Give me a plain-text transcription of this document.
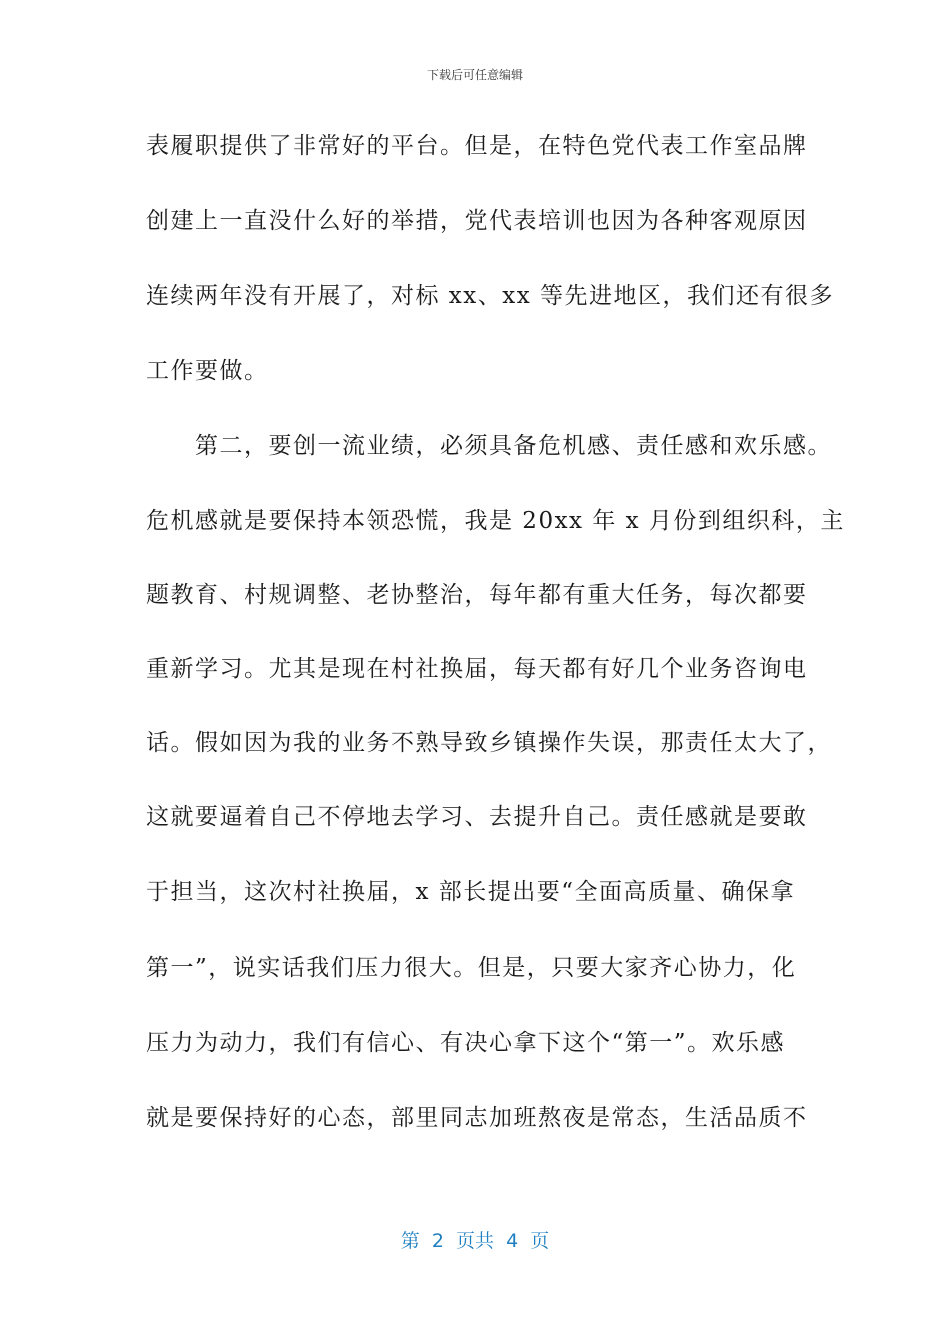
下载后可任意编辑
表履职提供了非常好的平台。但是，在特色党代表工作室品牌
创建上一直没什么好的举措，党代表培训也因为各种客观原因
连续两年没有开展了，对标 xx、xx 等先进地区，我们还有很多
工作要做。
　　第二，要创一流业绩，必须具备危机感、责任感和欢乐感。
危机感就是要保持本领恐慌，我是 20xx 年 x 月份到组织科，主
题教育、村规调整、老协整治，每年都有重大任务，每次都要
重新学习。尤其是现在村社换届，每天都有好几个业务咨询电
话。假如因为我的业务不熟导致乡镇操作失误，那责任太大了，
这就要逼着自己不停地去学习、去提升自己。责任感就是要敢
于担当，这次村社换届，x 部长提出要“全面高质量、确保拿
第一”，说实话我们压力很大。但是，只要大家齐心协力，化
压力为动力，我们有信心、有决心拿下这个“第一”。欢乐感
就是要保持好的心态，部里同志加班熬夜是常态，生活品质不
第  2  页共  4  页
